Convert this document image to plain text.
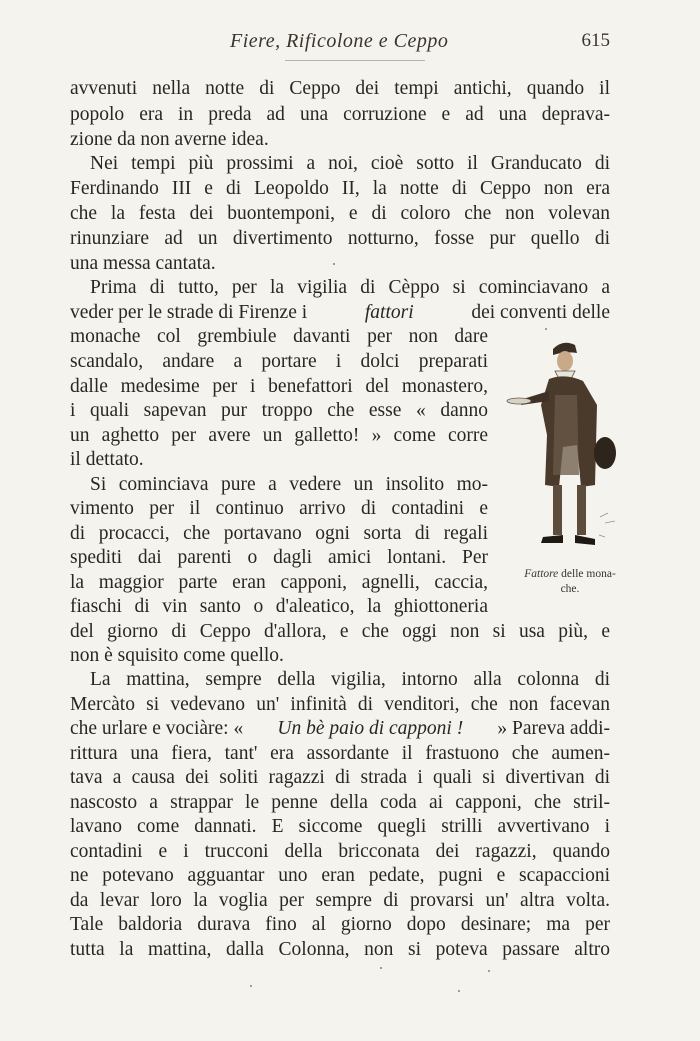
Fiere, Rificolone e Ceppo	615
avvenuti nella notte di Ceppo dei tempi antichi, quando il
popolo era in preda ad una corruzione e ad una deprava-
zione da non averne idea.
Nei tempi più prossimi a noi, cioè sotto il Granducato di
Ferdinando III e di Leopoldo II, la notte di Ceppo non era
che la festa dei buontemponi, e di coloro che non volevan
rinunziare ad un divertimento notturno, fosse pur quello di
una messa cantata.
Prima di tutto, per la vigilia di Cèppo si cominciavano a
veder per le strade di Firenze i	fattori	dei conventi delle
monache col grembiule davanti per non dare
scandalo, andare a portare i dolci preparati
dalle medesime per i benefattori del monastero,
i quali sapevan pur troppo che esse « danno
un aghetto per avere un galletto! » come corre
il dettato.
Si cominciava pure a vedere un insolito mo-
vimento per il continuo arrivo di contadini e
di procacci, che portavano ogni sorta di regali
spediti dai parenti o dagli amici lontani. Per
la maggior parte eran capponi, agnelli, caccia,
fiaschi di vin santo o d'aleatico, la ghiottoneria
del giorno di Ceppo d'allora, e che oggi non si usa più, e
non è squisito come quello.
La mattina, sempre della vigilia, intorno alla colonna di
Mercàto si vedevano un' infinità di venditori, che non facevan
che urlare e vociàre: « Un bè paio di capponi ! » Pareva addi-
rittura una fiera, tant' era assordante il frastuono che aumen-
tava a causa dei soliti ragazzi di strada i quali si divertivan di
nascosto a strappar le penne della coda ai capponi, che stril-
lavano come dannati. E siccome quegli strilli avvertivano i
contadini e i trucconi della bricconata dei ragazzi, quando
ne potevano agguantar uno eran pedate, pugni e scapaccioni
da levar loro la voglia per sempre di provarsi un' altra volta.
Tale baldoria durava fino al giorno dopo desinare; ma per
tutta la mattina, dalla Colonna, non si poteva passare altro
Fattore delle mona-
che.
